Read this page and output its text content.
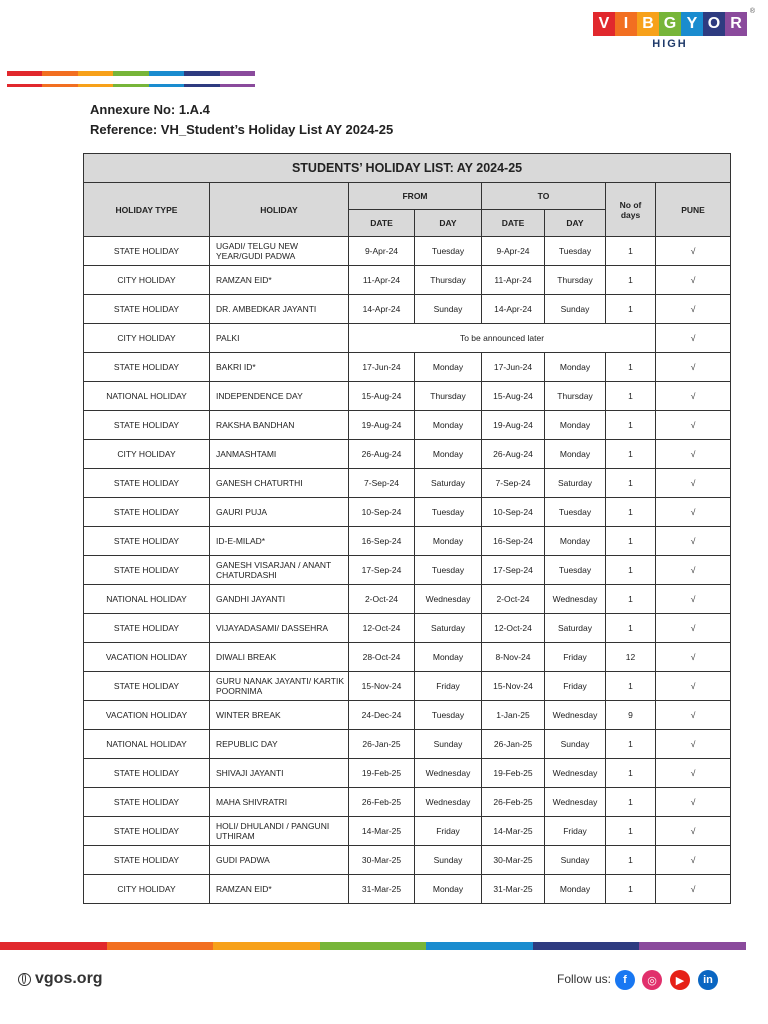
V I B G Y O R
®
HIGH
Annexure No: 1.A.4
Reference: VH_Student’s Holiday List AY 2024-25
STUDENTS’ HOLIDAY LIST: AY 2024-25							
HOLIDAY TYPE	HOLIDAY	FROM		TO		No of days	PUNE
		DATE	DAY	DATE	DAY		
STATE HOLIDAY	UGADI/ TELGU NEW YEAR/GUDI PADWA	9-Apr-24	Tuesday	9-Apr-24	Tuesday	1	√
CITY HOLIDAY	RAMZAN EID*	11-Apr-24	Thursday	11-Apr-24	Thursday	1	√
STATE HOLIDAY	DR. AMBEDKAR JAYANTI	14-Apr-24	Sunday	14-Apr-24	Sunday	1	√
CITY HOLIDAY	PALKI	To be announced later					√
STATE HOLIDAY	BAKRI ID*	17-Jun-24	Monday	17-Jun-24	Monday	1	√
NATIONAL HOLIDAY	INDEPENDENCE DAY	15-Aug-24	Thursday	15-Aug-24	Thursday	1	√
STATE HOLIDAY	RAKSHA BANDHAN	19-Aug-24	Monday	19-Aug-24	Monday	1	√
CITY HOLIDAY	JANMASHTAMI	26-Aug-24	Monday	26-Aug-24	Monday	1	√
STATE HOLIDAY	GANESH CHATURTHI	7-Sep-24	Saturday	7-Sep-24	Saturday	1	√
STATE HOLIDAY	GAURI PUJA	10-Sep-24	Tuesday	10-Sep-24	Tuesday	1	√
STATE HOLIDAY	ID-E-MILAD*	16-Sep-24	Monday	16-Sep-24	Monday	1	√
STATE HOLIDAY	GANESH VISARJAN / ANANT CHATURDASHI	17-Sep-24	Tuesday	17-Sep-24	Tuesday	1	√
NATIONAL HOLIDAY	GANDHI JAYANTI	2-Oct-24	Wednesday	2-Oct-24	Wednesday	1	√
STATE HOLIDAY	VIJAYADASAMI/ DASSEHRA	12-Oct-24	Saturday	12-Oct-24	Saturday	1	√
VACATION HOLIDAY	DIWALI BREAK	28-Oct-24	Monday	8-Nov-24	Friday	12	√
STATE HOLIDAY	GURU NANAK JAYANTI/ KARTIK POORNIMA	15-Nov-24	Friday	15-Nov-24	Friday	1	√
VACATION HOLIDAY	WINTER BREAK	24-Dec-24	Tuesday	1-Jan-25	Wednesday	9	√
NATIONAL HOLIDAY	REPUBLIC DAY	26-Jan-25	Sunday	26-Jan-25	Sunday	1	√
STATE HOLIDAY	SHIVAJI JAYANTI	19-Feb-25	Wednesday	19-Feb-25	Wednesday	1	√
STATE HOLIDAY	MAHA SHIVRATRI	26-Feb-25	Wednesday	26-Feb-25	Wednesday	1	√
STATE HOLIDAY	HOLI/ DHULANDI / PANGUNI UTHIRAM	14-Mar-25	Friday	14-Mar-25	Friday	1	√
STATE HOLIDAY	GUDI PADWA	30-Mar-25	Sunday	30-Mar-25	Sunday	1	√
CITY HOLIDAY	RAMZAN EID*	31-Mar-25	Monday	31-Mar-25	Monday	1	√
vgos.org	Follow us:	f	◎	▶	in
